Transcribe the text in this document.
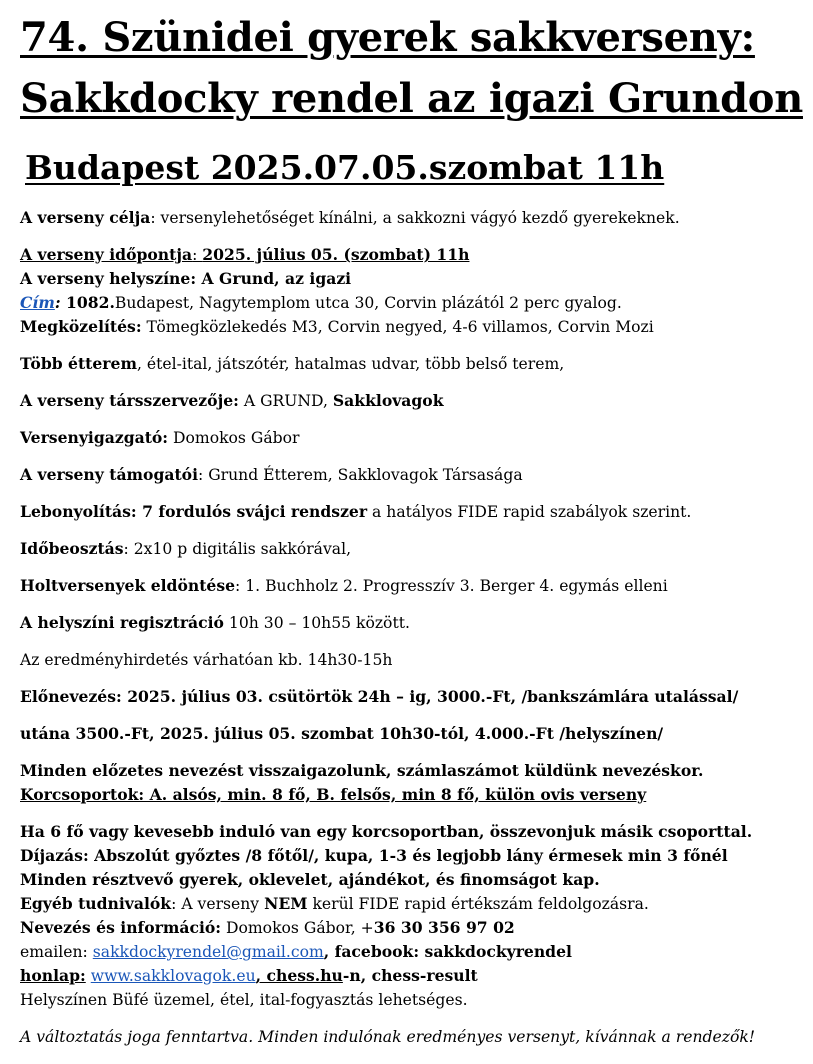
74. Szünidei gyerek sakkverseny:
Sakkdocky rendel az igazi Grundon
Budapest 2025.07.05.szombat 11h

A verseny célja: versenylehetőséget kínálni, a sakkozni vágyó kezdő gyerekeknek.

A verseny időpontja: 2025. július 05. (szombat) 11h

A verseny helyszíne: A Grund, az igazi

Cím: 1082.Budapest, Nagytemplom utca 30, Corvin plázától 2 perc gyalog.

Megközelítés: Tömegközlekedés M3, Corvin negyed, 4-6 villamos, Corvin Mozi

Több étterem, étel-ital, játszótér, hatalmas udvar, több belső terem,

A verseny társszervezője: A GRUND, Sakklovagok

Versenyigazgató: Domokos Gábor

A verseny támogatói: Grund Étterem, Sakklovagok Társasága

Lebonyolítás: 7 fordulós svájci rendszer a hatályos FIDE rapid szabályok szerint.

Időbeosztás: 2x10 p digitális sakkórával,

Holtversenyek eldöntése: 1. Buchholz 2. Progresszív 3. Berger 4. egymás elleni

A helyszíni regisztráció 10h 30 – 10h55 között.

Az eredményhirdetés várhatóan kb. 14h30-15h

Előnevezés: 2025. július 03. csütörtök 24h – ig, 3000.-Ft, /bankszámlára utalással/

utána 3500.-Ft, 2025. július 05. szombat 10h30-tól, 4.000.-Ft /helyszínen/

Minden előzetes nevezést visszaigazolunk, számlaszámot küldünk nevezéskor.

Korcsoportok: A. alsós, min. 8 fő, B. felsős, min 8 fő, külön ovis verseny

Ha 6 fő vagy kevesebb induló van egy korcsoportban, összevonjuk másik csoporttal.

Díjazás: Abszolút győztes /8 főtől/, kupa, 1-3 és legjobb lány érmesek min 3 főnél

Minden résztvevő gyerek, oklevelet, ajándékot, és finomságot kap.

Egyéb tudnivalók: A verseny NEM kerül FIDE rapid értékszám feldolgozásra.

Nevezés és információ: Domokos Gábor, +36 30 356 97 02

emailen: sakkdockyrendel@gmail.com, facebook: sakkdockyrendel

honlap: www.sakklovagok.eu, chess.hu-n, chess-result

Helyszínen Büfé üzemel, étel, ital-fogyasztás lehetséges.

A változtatás joga fenntartva. Minden indulónak eredményes versenyt, kívánnak a rendezők!
